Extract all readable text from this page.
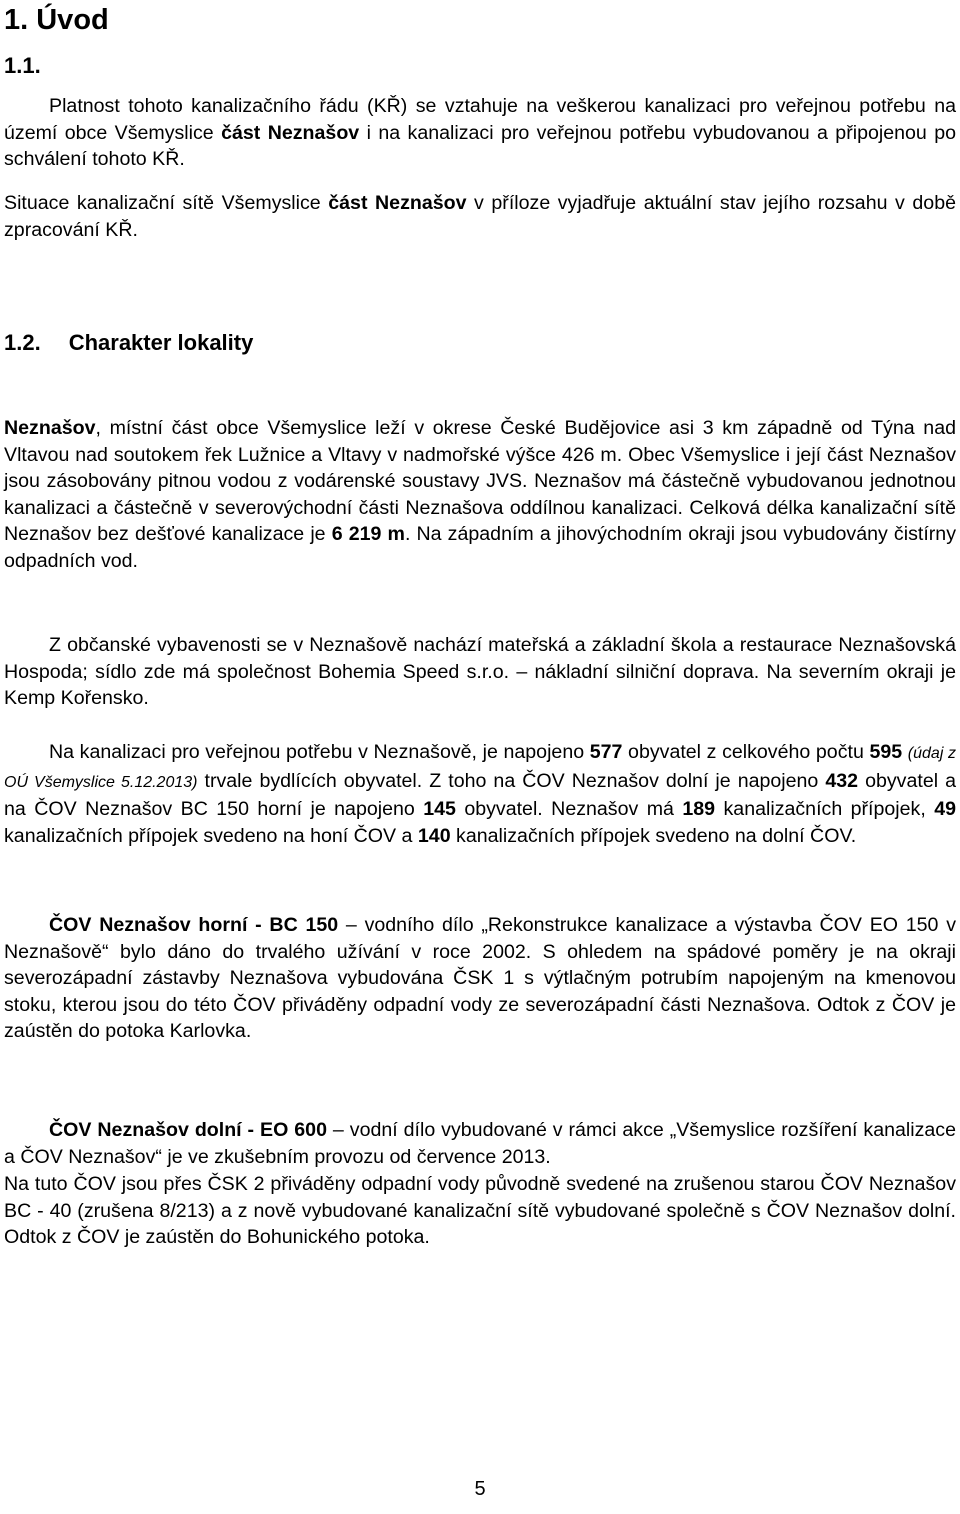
1. Úvod
1.1.

Platnost tohoto kanalizačního řádu (KŘ) se vztahuje na veškerou kanalizaci pro veřejnou potřebu na území obce Všemyslice část Neznašov i na kanalizaci pro veřejnou potřebu vybudovanou a připojenou po schválení tohoto KŘ.

Situace kanalizační sítě Všemyslice část Neznašov v příloze vyjadřuje aktuální stav jejího rozsahu v době zpracování KŘ.

1.2. Charakter lokality

Neznašov, místní část obce Všemyslice leží v okrese České Budějovice asi 3 km západně od Týna nad Vltavou nad soutokem řek Lužnice a Vltavy v nadmořské výšce 426 m. Obec Všemyslice i její část Neznašov jsou zásobovány pitnou vodou z vodárenské soustavy JVS. Neznašov má částečně vybudovanou jednotnou kanalizaci a částečně v severovýchodní části Neznašova oddílnou kanalizaci. Celková délka kanalizační sítě Neznašov bez dešťové kanalizace je 6 219 m. Na západním a jihovýchodním okraji jsou vybudovány čistírny odpadních vod.

Z občanské vybavenosti se v Neznašově nachází mateřská a základní škola a restaurace Neznašovská Hospoda; sídlo zde má společnost Bohemia Speed s.r.o. – nákladní silniční doprava. Na severním okraji je Kemp Kořensko.

Na kanalizaci pro veřejnou potřebu v Neznašově, je napojeno 577 obyvatel z celkového počtu 595 (údaj z OÚ Všemyslice 5.12.2013) trvale bydlících obyvatel. Z toho na ČOV Neznašov dolní je napojeno 432 obyvatel a na ČOV Neznašov BC 150 horní je napojeno 145 obyvatel. Neznašov má 189 kanalizačních přípojek, 49 kanalizačních přípojek svedeno na honí ČOV a 140 kanalizačních přípojek svedeno na dolní ČOV.

ČOV Neznašov horní - BC 150 – vodního dílo „Rekonstrukce kanalizace a výstavba ČOV EO 150 v Neznašově“ bylo dáno do trvalého užívání v roce 2002. S ohledem na spádové poměry je na okraji severozápadní zástavby Neznašova vybudována ČSK 1 s výtlačným potrubím napojeným na kmenovou stoku, kterou jsou do této ČOV přiváděny odpadní vody ze severozápadní části Neznašova. Odtok z ČOV je zaústěn do potoka Karlovka.

ČOV Neznašov dolní - EO 600 – vodní dílo vybudované v rámci akce „Všemyslice rozšíření kanalizace a ČOV Neznašov“ je ve zkušebním provozu od července 2013.

Na tuto ČOV jsou přes ČSK 2 přiváděny odpadní vody původně svedené na zrušenou starou ČOV Neznašov BC - 40 (zrušena 8/213) a z nově vybudované kanalizační sítě vybudované společně s ČOV Neznašov dolní. Odtok z ČOV je zaústěn do Bohunického potoka.

5
